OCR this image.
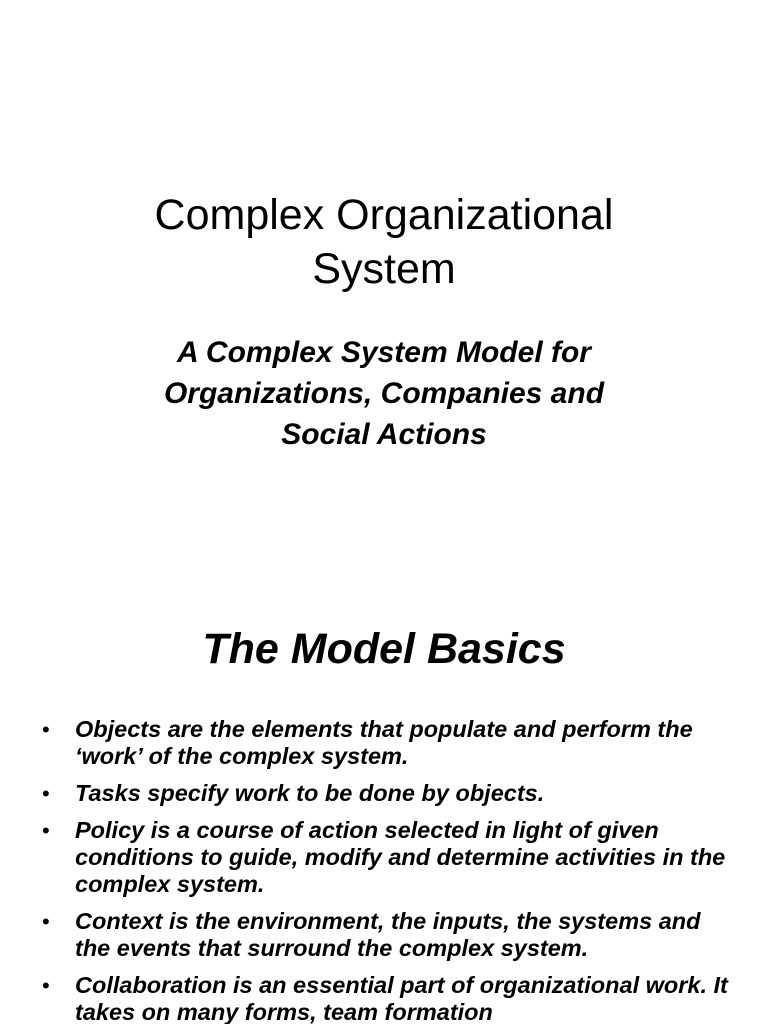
Complex Organizational
System
A Complex System Model for
Organizations, Companies and
Social Actions
The Model Basics
• Objects are the elements that populate and perform the ‘work’ of the complex system.
• Tasks specify work to be done by objects.
• Policy is a course of action selected in light of given conditions to guide, modify and determine activities in the complex system.
• Context is the environment, the inputs, the systems and the events that surround the complex system.
• Collaboration is an essential part of organizational work. It takes on many forms, team formation
